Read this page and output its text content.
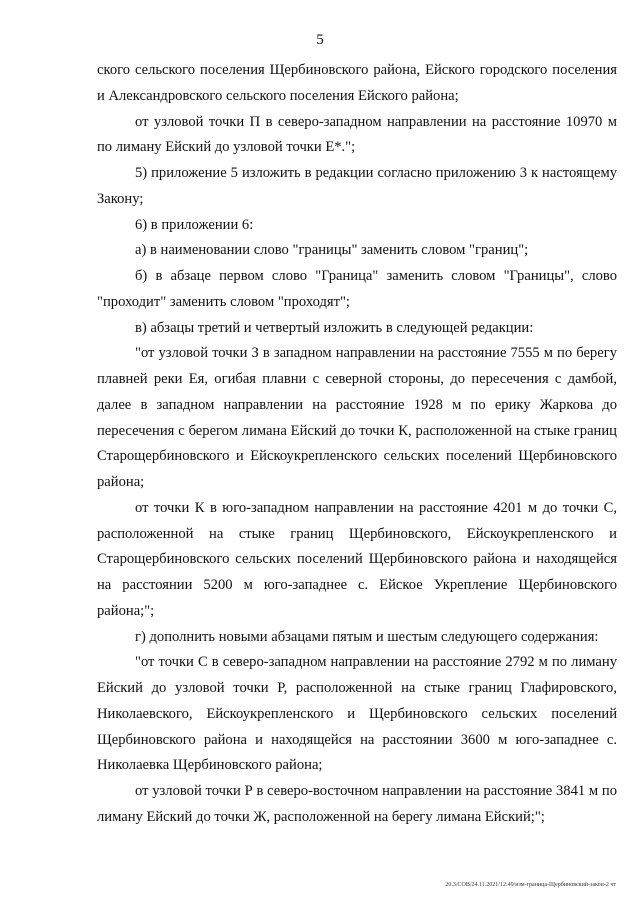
5

ского сельского поселения Щербиновского района, Ейского городского поселения и Александровского сельского поселения Ейского района;

от узловой точки П в северо-западном направлении на расстояние 10970 м по лиману Ейский до узловой точки Е*.";

5) приложение 5 изложить в редакции согласно приложению 3 к настоящему Закону;

6) в приложении 6:

а) в наименовании слово "границы" заменить словом "границ";

б) в абзаце первом слово "Граница" заменить словом "Границы", слово "проходит" заменить словом "проходят";

в) абзацы третий и четвертый изложить в следующей редакции:

"от узловой точки З в западном направлении на расстояние 7555 м по берегу плавней реки Ея, огибая плавни с северной стороны, до пересечения с дамбой, далее в западном направлении на расстояние 1928 м по ерику Жаркова до пересечения с берегом лимана Ейский до точки К, расположенной на стыке границ Старощербиновского и Ейскоукрепленского сельских поселений Щербиновского района;

от точки К в юго-западном направлении на расстояние 4201 м до точки С, расположенной на стыке границ Щербиновского, Ейскоукрепленского и Старощербиновского сельских поселений Щербиновского района и находящейся на расстоянии 5200 м юго-западнее с. Ейское Укрепление Щербиновского района;";

г) дополнить новыми абзацами пятым и шестым следующего содержания:

"от точки С в северо-западном направлении на расстояние 2792 м по лиману Ейский до узловой точки Р, расположенной на стыке границ Глафировского, Николаевского, Ейскоукрепленского и Щербиновского сельских поселений Щербиновского района и находящейся на расстоянии 3600 м юго-западнее с. Николаевка Щербиновского района;

от узловой точки Р в северо-восточном направлении на расстояние 3841 м по лиману Ейский до точки Ж, расположенной на берегу лимана Ейский;";

20.3/СОВ/24.11.2021/12:49/изм-граница-Щербиновский-закон-2 чт
